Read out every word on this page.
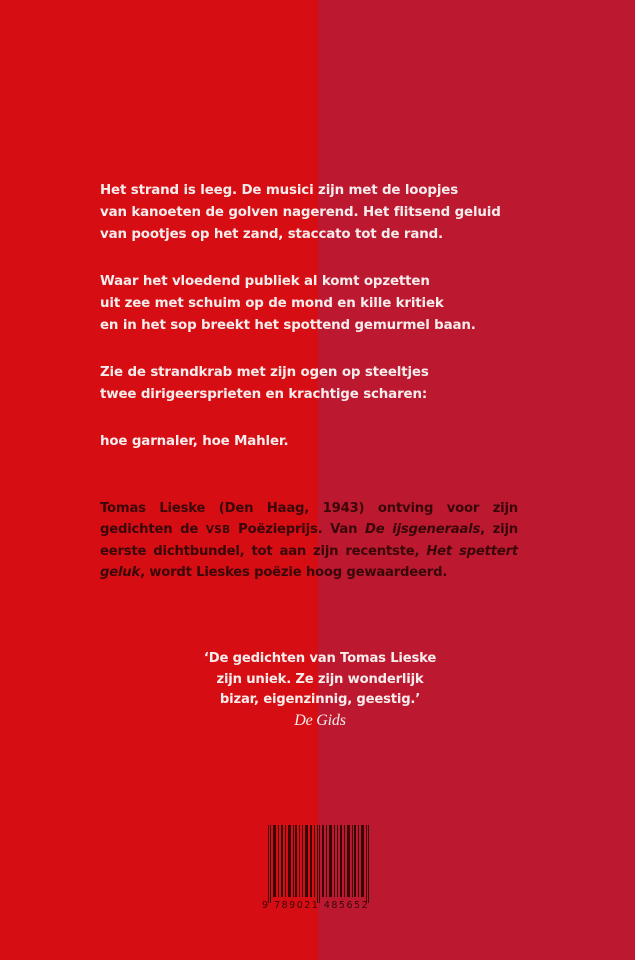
Het strand is leeg. De musici zijn met de loopjes
van kanoeten de golven nagerend. Het flitsend geluid
van pootjes op het zand, staccato tot de rand.
Waar het vloedend publiek al komt opzetten
uit zee met schuim op de mond en kille kritiek
en in het sop breekt het spottend gemurmel baan.
Zie de strandkrab met zijn ogen op steeltjes
twee dirigeersprieten en krachtige scharen:
hoe garnaler, hoe Mahler.
Tomas Lieske (Den Haag, 1943) ontving voor zijn gedichten de VSB Poëzieprijs. Van De ijsgeneraals, zijn eerste dichtbundel, tot aan zijn recentste, Het spettert geluk, wordt Lieskes poëzie hoog gewaardeerd.
‘De gedichten van Tomas Lieske
zijn uniek. Ze zijn wonderlijk
bizar, eigenzinnig, geestig.’
De Gids
9 789021 485652
